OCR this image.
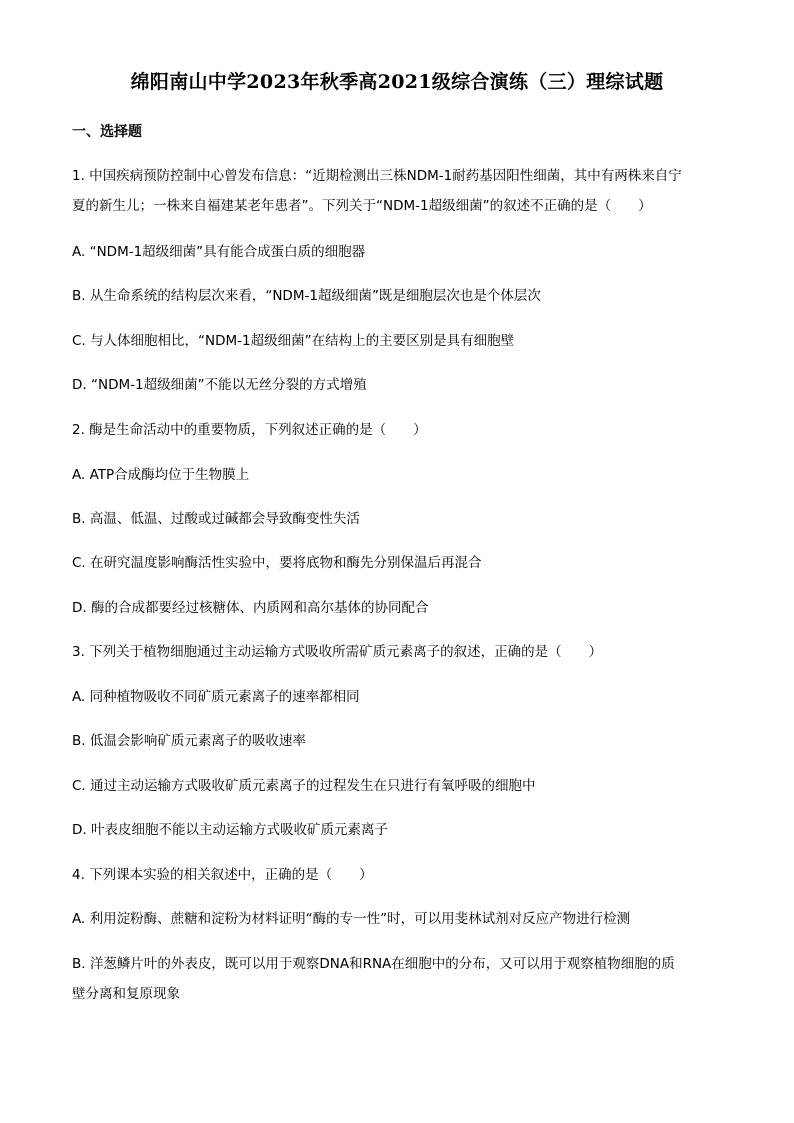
绵阳南山中学2023年秋季高2021级综合演练（三）理综试题
一、选择题
1. 中国疾病预防控制中心曾发布信息：“近期检测出三株NDM-1耐药基因阳性细菌，其中有两株来自宁
夏的新生儿；一株来自福建某老年患者”。下列关于“NDM-1超级细菌”的叙述不正确的是（　　）
A. “NDM-1超级细菌”具有能合成蛋白质的细胞器
B. 从生命系统的结构层次来看，“NDM-1超级细菌”既是细胞层次也是个体层次
C. 与人体细胞相比，“NDM-1超级细菌”在结构上的主要区别是具有细胞壁
D. “NDM-1超级细菌”不能以无丝分裂的方式增殖
2. 酶是生命活动中的重要物质，下列叙述正确的是（　　）
A. ATP合成酶均位于生物膜上
B. 高温、低温、过酸或过碱都会导致酶变性失活
C. 在研究温度影响酶活性实验中，要将底物和酶先分别保温后再混合
D. 酶的合成都要经过核糖体、内质网和高尔基体的协同配合
3. 下列关于植物细胞通过主动运输方式吸收所需矿质元素离子的叙述，正确的是（　　）
A. 同种植物吸收不同矿质元素离子的速率都相同
B. 低温会影响矿质元素离子的吸收速率
C. 通过主动运输方式吸收矿质元素离子的过程发生在只进行有氧呼吸的细胞中
D. 叶表皮细胞不能以主动运输方式吸收矿质元素离子
4. 下列课本实验的相关叙述中，正确的是（　　）
A. 利用淀粉酶、蔗糖和淀粉为材料证明“酶的专一性”时，可以用斐林试剂对反应产物进行检测
B. 洋葱鳞片叶的外表皮，既可以用于观察DNA和RNA在细胞中的分布，又可以用于观察植物细胞的质
壁分离和复原现象
